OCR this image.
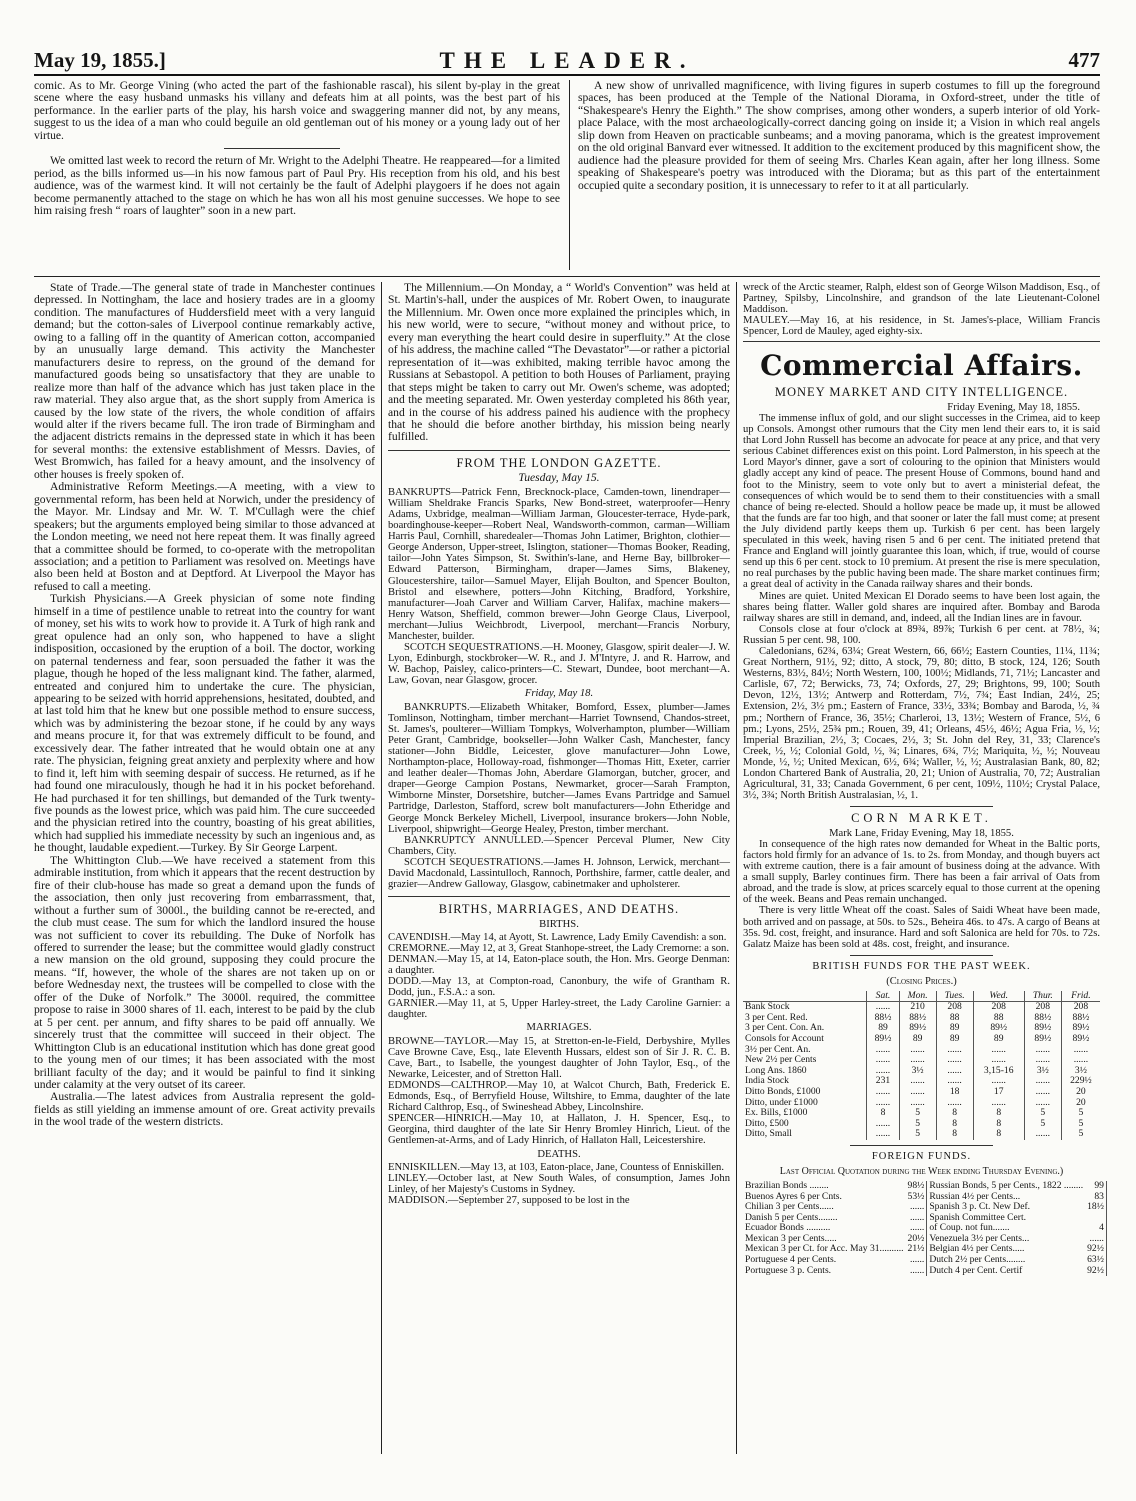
May 19, 1855.]	THE LEADER.	477

comic. As to Mr. George Vining (who acted the part of the fashionable rascal), his silent by-play in the great scene where the easy husband unmasks his villany and defeats him at all points, was the best part of his performance. In the earlier parts of the play, his harsh voice and swaggering manner did not, by any means, suggest to us the idea of a man who could beguile an old gentleman out of his money or a young lady out of her virtue.

We omitted last week to record the return of Mr. Wright to the Adelphi Theatre. He reappeared—for a limited period, as the bills informed us—in his now famous part of Paul Pry. His reception from his old, and his best audience, was of the warmest kind. It will not certainly be the fault of Adelphi playgoers if he does not again become permanently attached to the stage on which he has won all his most genuine successes. We hope to see him raising fresh “ roars of laughter” soon in a new part.

A new show of unrivalled magnificence, with living figures in superb costumes to fill up the foreground spaces, has been produced at the Temple of the National Diorama, in Oxford-street, under the title of “Shakespeare's Henry the Eighth.” The show comprises, among other wonders, a superb interior of old York-place Palace, with the most archaeologically-correct dancing going on inside it; a Vision in which real angels slip down from Heaven on practicable sunbeams; and a moving panorama, which is the greatest improvement on the old original Banvard ever witnessed. It addition to the excitement produced by this magnificent show, the audience had the pleasure provided for them of seeing Mrs. Charles Kean again, after her long illness. Some speaking of Shakespeare's poetry was introduced with the Diorama; but as this part of the entertainment occupied quite a secondary position, it is unnecessary to refer to it at all particularly.

State of Trade.—The general state of trade in Manchester continues depressed. In Nottingham, the lace and hosiery trades are in a gloomy condition. The manufactures of Huddersfield meet with a very languid demand; but the cotton-sales of Liverpool continue remarkably active, owing to a falling off in the quantity of American cotton, accompanied by an unusually large demand. This activity the Manchester manufacturers desire to repress, on the ground of the demand for manufactured goods being so unsatisfactory that they are unable to realize more than half of the advance which has just taken place in the raw material. They also argue that, as the short supply from America is caused by the low state of the rivers, the whole condition of affairs would alter if the rivers became full. The iron trade of Birmingham and the adjacent districts remains in the depressed state in which it has been for several months: the extensive establishment of Messrs. Davies, of West Bromwich, has failed for a heavy amount, and the insolvency of other houses is freely spoken of.

Administrative Reform Meetings.—A meeting, with a view to governmental reform, has been held at Norwich, under the presidency of the Mayor. Mr. Lindsay and Mr. W. T. M'Cullagh were the chief speakers; but the arguments employed being similar to those advanced at the London meeting, we need not here repeat them. It was finally agreed that a committee should be formed, to co-operate with the metropolitan association; and a petition to Parliament was resolved on. Meetings have also been held at Boston and at Deptford. At Liverpool the Mayor has refused to call a meeting.

Turkish Physicians.—A Greek physician of some note finding himself in a time of pestilence unable to retreat into the country for want of money, set his wits to work how to provide it. A Turk of high rank and great opulence had an only son, who happened to have a slight indisposition, occasioned by the eruption of a boil. The doctor, working on paternal tenderness and fear, soon persuaded the father it was the plague, though he hoped of the less malignant kind. The father, alarmed, entreated and conjured him to undertake the cure. The physician, appearing to be seized with horrid apprehensions, hesitated, doubted, and at last told him that he knew but one possible method to ensure success, which was by administering the bezoar stone, if he could by any ways and means procure it, for that was extremely difficult to be found, and excessively dear. The father intreated that he would obtain one at any rate. The physician, feigning great anxiety and perplexity where and how to find it, left him with seeming despair of success. He returned, as if he had found one miraculously, though he had it in his pocket beforehand. He had purchased it for ten shillings, but demanded of the Turk twenty-five pounds as the lowest price, which was paid him. The cure succeeded and the physician retired into the country, boasting of his great abilities, which had supplied his immediate necessity by such an ingenious and, as he thought, laudable expedient.—Turkey. By Sir George Larpent.

The Whittington Club.—We have received a statement from this admirable institution, from which it appears that the recent destruction by fire of their club-house has made so great a demand upon the funds of the association, then only just recovering from embarrassment, that, without a further sum of 3000l., the building cannot be re-erected, and the club must cease. The sum for which the landlord insured the house was not sufficient to cover its rebuilding. The Duke of Norfolk has offered to surrender the lease; but the committee would gladly construct a new mansion on the old ground, supposing they could procure the means. “If, however, the whole of the shares are not taken up on or before Wednesday next, the trustees will be compelled to close with the offer of the Duke of Norfolk.” The 3000l. required, the committee propose to raise in 3000 shares of 1l. each, interest to be paid by the club at 5 per cent. per annum, and fifty shares to be paid off annually. We sincerely trust that the committee will succeed in their object. The Whittington Club is an educational institution which has done great good to the young men of our times; it has been associated with the most brilliant faculty of the day; and it would be painful to find it sinking under calamity at the very outset of its career.

Australia.—The latest advices from Australia represent the gold-fields as still yielding an immense amount of ore. Great activity prevails in the wool trade of the western districts.

The Millennium.—On Monday, a “ World's Convention” was held at St. Martin's-hall, under the auspices of Mr. Robert Owen, to inaugurate the Millennium. Mr. Owen once more explained the principles which, in his new world, were to secure, “without money and without price, to every man everything the heart could desire in superfluity.” At the close of his address, the machine called “The Devastator”—or rather a pictorial representation of it—was exhibited, making terrible havoc among the Russians at Sebastopol. A petition to both Houses of Parliament, praying that steps might be taken to carry out Mr. Owen's scheme, was adopted; and the meeting separated. Mr. Owen yesterday completed his 86th year, and in the course of his address pained his audience with the prophecy that he should die before another birthday, his mission being nearly fulfilled.

FROM THE LONDON GAZETTE.
Tuesday, May 15.

BANKRUPTS—Patrick Fenn, Brecknock-place, Camden-town, linendraper—William Sheldrake Francis Sparks, New Bond-street, waterproofer—Henry Adams, Uxbridge, mealman—William Jarman, Gloucester-terrace, Hyde-park, boardinghouse-keeper—Robert Neal, Wandsworth-common, carman—William Harris Paul, Cornhill, sharedealer—Thomas John Latimer, Brighton, clothier—George Anderson, Upper-street, Islington, stationer—Thomas Booker, Reading, tailor—John Yates Simpson, St. Swithin's-lane, and Herne Bay, billbroker—Edward Patterson, Birmingham, draper—James Sims, Blakeney, Gloucestershire, tailor—Samuel Mayer, Elijah Boulton, and Spencer Boulton, Bristol and elsewhere, potters—John Kitching, Bradford, Yorkshire, manufacturer—Joah Carver and William Carver, Halifax, machine makers—Henry Watson, Sheffield, common brewer—John George Claus, Liverpool, merchant—Julius Weichbrodt, Liverpool, merchant—Francis Norbury, Manchester, builder.

SCOTCH SEQUESTRATIONS.—H. Mooney, Glasgow, spirit dealer—J. W. Lyon, Edinburgh, stockbroker—W. R., and J. M'Intyre, J. and R. Harrow, and W. Bachop, Paisley, calico-printers—C. Stewart, Dundee, boot merchant—A. Law, Govan, near Glasgow, grocer.

Friday, May 18.

BANKRUPTS.—Elizabeth Whitaker, Bomford, Essex, plumber—James Tomlinson, Nottingham, timber merchant—Harriet Townsend, Chandos-street, St. James's, poulterer—William Tompkys, Wolverhampton, plumber—William Peter Grant, Cambridge, bookseller—John Walker Cash, Manchester, fancy stationer—John Biddle, Leicester, glove manufacturer—John Lowe, Northampton-place, Holloway-road, fishmonger—Thomas Hitt, Exeter, carrier and leather dealer—Thomas John, Aberdare Glamorgan, butcher, grocer, and draper—George Campion Postans, Newmarket, grocer—Sarah Frampton, Wimborne Minster, Dorsetshire, butcher—James Evans Partridge and Samuel Partridge, Darleston, Stafford, screw bolt manufacturers—John Etheridge and George Monck Berkeley Michell, Liverpool, insurance brokers—John Noble, Liverpool, shipwright—George Healey, Preston, timber merchant.

BANKRUPTCY ANNULLED.—Spencer Perceval Plumer, New City Chambers, City.

SCOTCH SEQUESTRATIONS.—James H. Johnson, Lerwick, merchant—David Macdonald, Lassintulloch, Rannoch, Porthshire, farmer, cattle dealer, and grazier—Andrew Galloway, Glasgow, cabinetmaker and upholsterer.

BIRTHS, MARRIAGES, AND DEATHS.
BIRTHS.

CAVENDISH.—May 14, at Ayott, St. Lawrence, Lady Emily Cavendish: a son.

CREMORNE.—May 12, at 3, Great Stanhope-street, the Lady Cremorne: a son.

DENMAN.—May 15, at 14, Eaton-place south, the Hon. Mrs. George Denman: a daughter.

DODD.—May 13, at Compton-road, Canonbury, the wife of Grantham R. Dodd, jun., F.S.A.: a son.

GARNIER.—May 11, at 5, Upper Harley-street, the Lady Caroline Garnier: a daughter.

MARRIAGES.

BROWNE—TAYLOR.—May 15, at Stretton-en-le-Field, Derbyshire, Mylles Cave Browne Cave, Esq., late Eleventh Hussars, eldest son of Sir J. R. C. B. Cave, Bart., to Isabelle, the youngest daughter of John Taylor, Esq., of the Newarke, Leicester, and of Stretton Hall.

EDMONDS—CALTHROP.—May 10, at Walcot Church, Bath, Frederick E. Edmonds, Esq., of Berryfield House, Wiltshire, to Emma, daughter of the late Richard Calthrop, Esq., of Swineshead Abbey, Lincolnshire.

SPENCER—HINRICH.—May 10, at Hallaton, J. H. Spencer, Esq., to Georgina, third daughter of the late Sir Henry Bromley Hinrich, Lieut. of the Gentlemen-at-Arms, and of Lady Hinrich, of Hallaton Hall, Leicestershire.

DEATHS.

ENNISKILLEN.—May 13, at 103, Eaton-place, Jane, Countess of Enniskillen.

LINLEY.—October last, at New South Wales, of consumption, James John Linley, of her Majesty's Customs in Sydney.

MADDISON.—September 27, supposed to be lost in the

wreck of the Arctic steamer, Ralph, eldest son of George Wilson Maddison, Esq., of Partney, Spilsby, Lincolnshire, and grandson of the late Lieutenant-Colonel Maddison.

MAULEY.—May 16, at his residence, in St. James's-place, William Francis Spencer, Lord de Mauley, aged eighty-six.

Commercial Affairs.
MONEY MARKET AND CITY INTELLIGENCE.
Friday Evening, May 18, 1855.

The immense influx of gold, and our slight successes in the Crimea, aid to keep up Consols. Amongst other rumours that the City men lend their ears to, it is said that Lord John Russell has become an advocate for peace at any price, and that very serious Cabinet differences exist on this point. Lord Palmerston, in his speech at the Lord Mayor's dinner, gave a sort of colouring to the opinion that Ministers would gladly accept any kind of peace. The present House of Commons, bound hand and foot to the Ministry, seem to vote only but to avert a ministerial defeat, the consequences of which would be to send them to their constituencies with a small chance of being re-elected. Should a hollow peace be made up, it must be allowed that the funds are far too high, and that sooner or later the fall must come; at present the July dividend partly keeps them up. Turkish 6 per cent. has been largely speculated in this week, having risen 5 and 6 per cent. The initiated pretend that France and England will jointly guarantee this loan, which, if true, would of course send up this 6 per cent. stock to 10 premium. At present the rise is mere speculation, no real purchases by the public having been made. The share market continues firm; a great deal of activity in the Canada railway shares and their bonds.

Mines are quiet. United Mexican El Dorado seems to have been lost again, the shares being flatter. Waller gold shares are inquired after. Bombay and Baroda railway shares are still in demand, and, indeed, all the Indian lines are in favour.

Consols close at four o'clock at 89¾, 89⅞; Turkish 6 per cent. at 78½, ¾; Russian 5 per cent. 98, 100.

Caledonians, 62¾, 63¼; Great Western, 66, 66½; Eastern Counties, 11¼, 11¾; Great Northern, 91½, 92; ditto, A stock, 79, 80; ditto, B stock, 124, 126; South Westerns, 83½, 84½; North Western, 100, 100½; Midlands, 71, 71½; Lancaster and Carlisle, 67, 72; Berwicks, 73, 74; Oxfords, 27, 29; Brightons, 99, 100; South Devon, 12½, 13½; Antwerp and Rotterdam, 7½, 7¾; East Indian, 24½, 25; Extension, 2½, 3½ pm.; Eastern of France, 33½, 33¾; Bombay and Baroda, ½, ¾ pm.; Northern of France, 36, 35½; Charleroi, 13, 13½; Western of France, 5½, 6 pm.; Lyons, 25½, 25¾ pm.; Rouen, 39, 41; Orleans, 45½, 46½; Agua Fria, ½, ½; Imperial Brazilian, 2½, 3; Cocaes, 2½, 3; St. John del Rey, 31, 33; Clarence's Creek, ½, ½; Colonial Gold, ½, ¾; Linares, 6¾, 7½; Mariquita, ½, ½; Nouveau Monde, ½, ½; United Mexican, 6½, 6¾; Waller, ½, ½; Australasian Bank, 80, 82; London Chartered Bank of Australia, 20, 21; Union of Australia, 70, 72; Australian Agricultural, 31, 33; Canada Government, 6 per cent, 109½, 110½; Crystal Palace, 3½, 3¾; North British Australasian, ½, 1.

CORN MARKET.
Mark Lane, Friday Evening, May 18, 1855.

In consequence of the high rates now demanded for Wheat in the Baltic ports, factors hold firmly for an advance of 1s. to 2s. from Monday, and though buyers act with extreme caution, there is a fair amount of business doing at the advance. With a small supply, Barley continues firm. There has been a fair arrival of Oats from abroad, and the trade is slow, at prices scarcely equal to those current at the opening of the week. Beans and Peas remain unchanged.

There is very little Wheat off the coast. Sales of Saidi Wheat have been made, both arrived and on passage, at 50s. to 52s., Beheira 46s. to 47s. A cargo of Beans at 35s. 9d. cost, freight, and insurance. Hard and soft Salonica are held for 70s. to 72s. Galatz Maize has been sold at 48s. cost, freight, and insurance.

BRITISH FUNDS FOR THE PAST WEEK.
(Closing Prices.)
	Sat.	Mon.	Tues.	Wed.	Thur.	Frid.
Bank Stock	......	210	208	208	208	208
3 per Cent. Red.	88½	88½	88	88	88½	88½
3 per Cent. Con. An.	89	89½	89	89½	89½	89½
Consols for Account	89½	89	89	89	89½	89½
3½ per Cent. An.	......	......	......	......	......	......
New 2½ per Cents	......	......	......	......	......	......
Long Ans. 1860	......	3½	......	3,15-16	3½	3½
India Stock	231	......	......	......	......	229½
Ditto Bonds, £1000	......	......	18	17	......	20
Ditto, under £1000	......	......	......	......	......	20
Ex. Bills, £1000	8	5	8	8	5	5
Ditto, £500	......	5	8	8	5	5
Ditto, Small	......	5	8	8	......	5
FOREIGN FUNDS.
Last Official Quotation during the Week ending Thursday Evening.)
Brazilian Bonds ........	98½	Russian Bonds, 5 per Cents., 1822 ........	99
Buenos Ayres 6 per Cnts.	53½	Russian 4½ per Cents...	83
Chilian 3 per Cents......	......	Spanish 3 p. Ct. New Def.	18½
Danish 5 per Cents........	......	Spanish Committee Cert.	
Ecuador Bonds ..........	......	of Coup. not fun.......	4
Mexican 3 per Cents.....	20½	Venezuela 3½ per Cents...	......
Mexican 3 per Ct. for Acc. May 31..........	21½	Belgian 4½ per Cents.....	92½
Portuguese 4 per Cents.	......	Dutch 2½ per Cents........	63½
Portuguese 3 p. Cents.	......	Dutch 4 per Cent. Certif	92½
